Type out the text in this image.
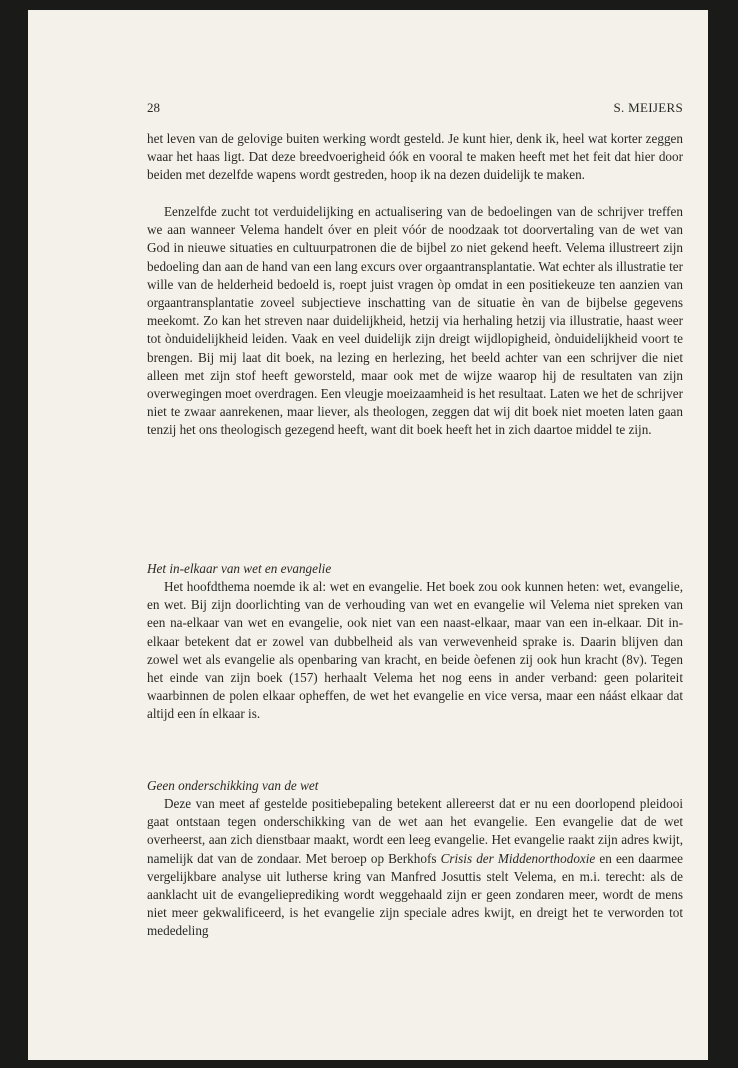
28	S. MEIJERS

het leven van de gelovige buiten werking wordt gesteld. Je kunt hier, denk ik, heel wat korter zeggen waar het haas ligt. Dat deze breedvoerigheid óók en vooral te maken heeft met het feit dat hier door beiden met dezelfde wapens wordt gestreden, hoop ik na dezen duidelijk te maken.

Eenzelfde zucht tot verduidelijking en actualisering van de bedoelingen van de schrijver treffen we aan wanneer Velema handelt óver en pleit vóór de noodzaak tot doorvertaling van de wet van God in nieuwe situaties en cultuurpatronen die de bijbel zo niet gekend heeft. Velema illustreert zijn bedoeling dan aan de hand van een lang excurs over orgaantransplantatie. Wat echter als illustratie ter wille van de helderheid bedoeld is, roept juist vragen òp omdat in een positiekeuze ten aanzien van orgaantransplantatie zoveel subjectieve inschatting van de situatie èn van de bijbelse gegevens meekomt. Zo kan het streven naar duidelijkheid, hetzij via herhaling hetzij via illustratie, haast weer tot ònduidelijkheid leiden. Vaak en veel duidelijk zijn dreigt wijdlopigheid, ònduidelijkheid voort te brengen. Bij mij laat dit boek, na lezing en herlezing, het beeld achter van een schrijver die niet alleen met zijn stof heeft geworsteld, maar ook met de wijze waarop hij de resultaten van zijn overwegingen moet overdragen. Een vleugje moeizaamheid is het resultaat. Laten we het de schrijver niet te zwaar aanrekenen, maar liever, als theologen, zeggen dat wij dit boek niet moeten laten gaan tenzij het ons theologisch gezegend heeft, want dit boek heeft het in zich daartoe middel te zijn.

Het in-elkaar van wet en evangelie

Het hoofdthema noemde ik al: wet en evangelie. Het boek zou ook kunnen heten: wet, evangelie, en wet. Bij zijn doorlichting van de verhouding van wet en evangelie wil Velema niet spreken van een na-elkaar van wet en evangelie, ook niet van een naast-elkaar, maar van een in-elkaar. Dit in-elkaar betekent dat er zowel van dubbelheid als van verwevenheid sprake is. Daarin blijven dan zowel wet als evangelie als openbaring van kracht, en beide òefenen zij ook hun kracht (8v). Tegen het einde van zijn boek (157) herhaalt Velema het nog eens in ander verband: geen polariteit waarbinnen de polen elkaar opheffen, de wet het evangelie en vice versa, maar een náást elkaar dat altijd een ín elkaar is.

Geen onderschikking van de wet

Deze van meet af gestelde positiebepaling betekent allereerst dat er nu een doorlopend pleidooi gaat ontstaan tegen onderschikking van de wet aan het evangelie. Een evangelie dat de wet overheerst, aan zich dienstbaar maakt, wordt een leeg evangelie. Het evangelie raakt zijn adres kwijt, namelijk dat van de zondaar. Met beroep op Berkhofs Crisis der Middenorthodoxie en een daarmee vergelijkbare analyse uit lutherse kring van Manfred Josuttis stelt Velema, en m.i. terecht: als de aanklacht uit de evangelieprediking wordt weggehaald zijn er geen zondaren meer, wordt de mens niet meer gekwalificeerd, is het evangelie zijn speciale adres kwijt, en dreigt het te verworden tot mededeling
